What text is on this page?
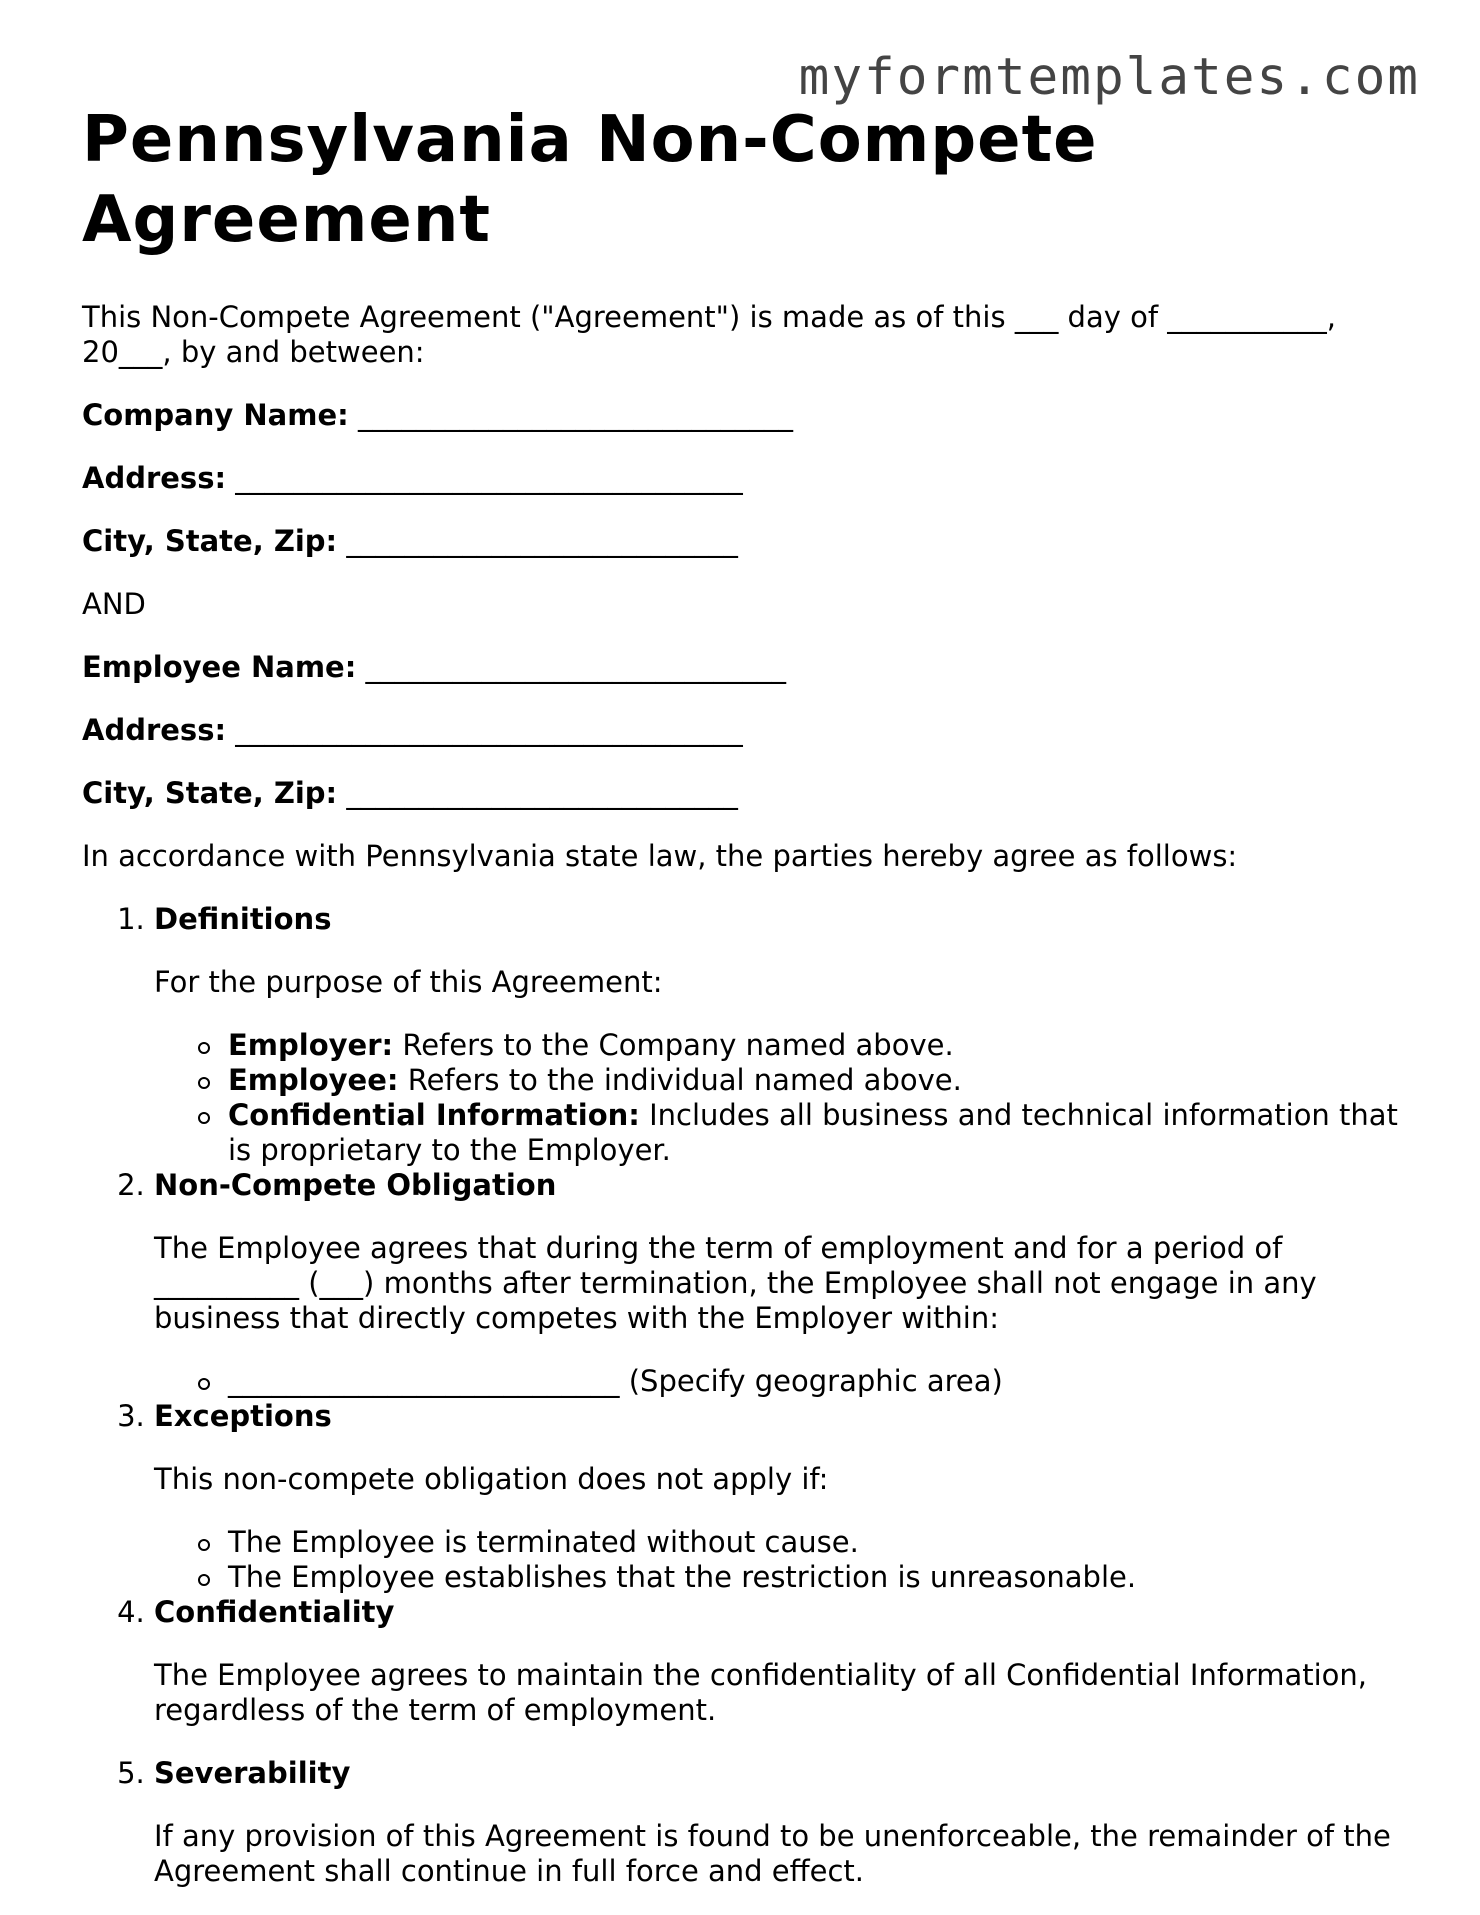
myformtemplates.com
Pennsylvania Non-Compete Agreement

This Non-Compete Agreement ("Agreement") is made as of this ___ day of ___________, 20___, by and between:

Company Name: ______________________________
Address: ___________________________________
City, State, Zip: ___________________________

AND

Employee Name: _____________________________
Address: ___________________________________
City, State, Zip: ___________________________

In accordance with Pennsylvania state law, the parties hereby agree as follows:

1. Definitions
For the purpose of this Agreement:
Employer: Refers to the Company named above.
Employee: Refers to the individual named above.
Confidential Information: Includes all business and technical information that is proprietary to the Employer.
2. Non-Compete Obligation
The Employee agrees that during the term of employment and for a period of __________ (___) months after termination, the Employee shall not engage in any business that directly competes with the Employer within:
___________________________ (Specify geographic area)
3. Exceptions
This non-compete obligation does not apply if:
The Employee is terminated without cause.
The Employee establishes that the restriction is unreasonable.
4. Confidentiality
The Employee agrees to maintain the confidentiality of all Confidential Information, regardless of the term of employment.
5. Severability
If any provision of this Agreement is found to be unenforceable, the remainder of the Agreement shall continue in full force and effect.
